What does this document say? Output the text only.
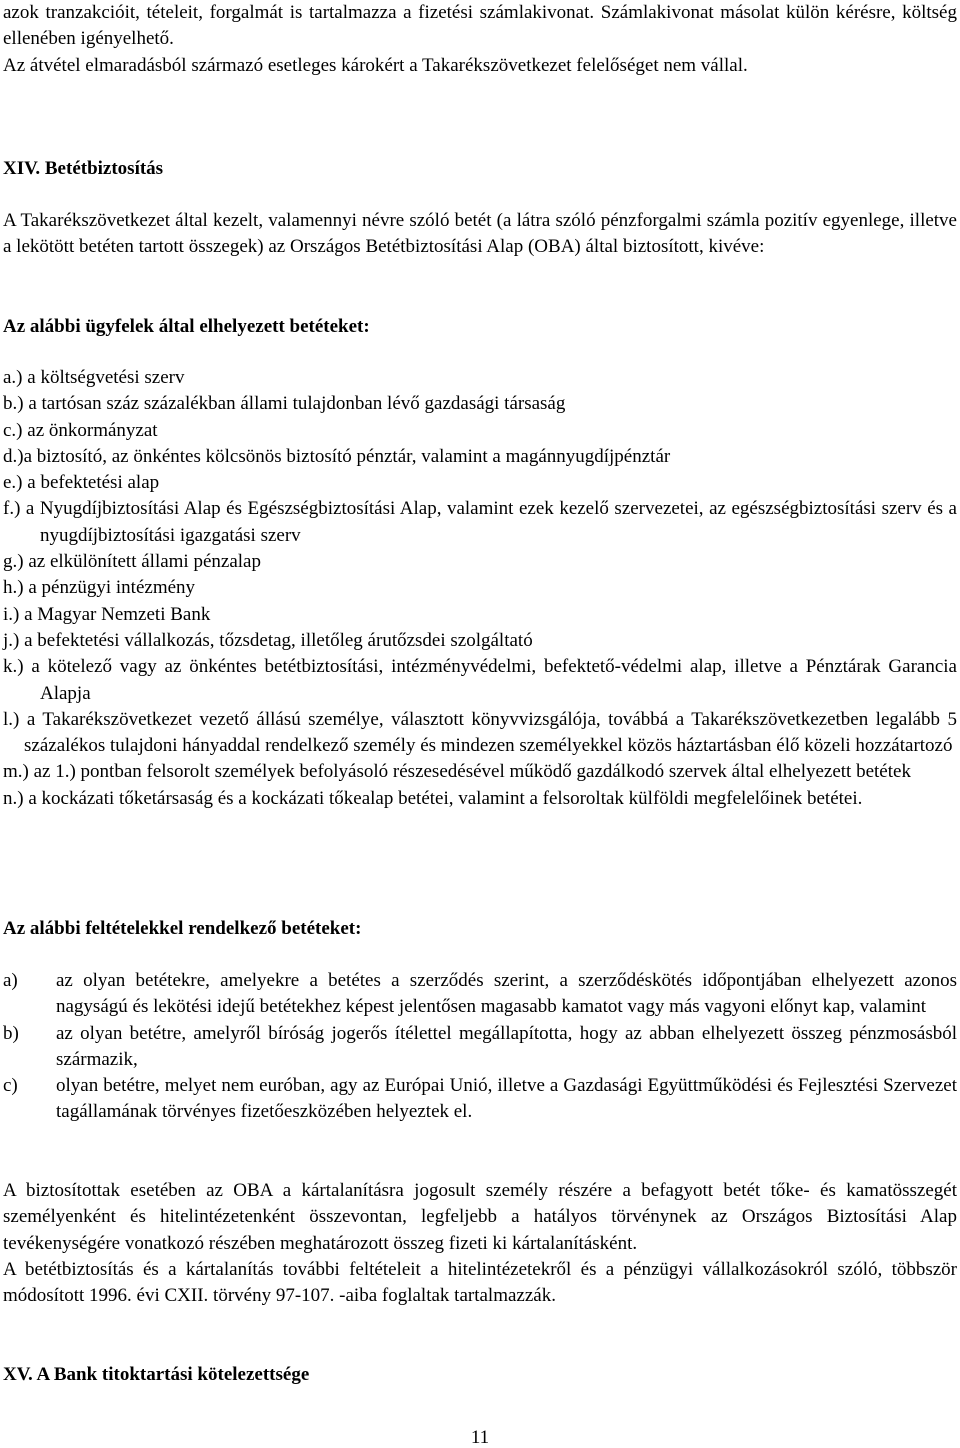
azok tranzakcióit, tételeit, forgalmát is tartalmazza a fizetési számlakivonat. Számlakivonat másolat külön kérésre, költség ellenében igényelhető.

Az átvétel elmaradásból származó esetleges károkért a Takarékszövetkezet felelőséget nem vállal.

XIV. Betétbiztosítás

A Takarékszövetkezet által kezelt, valamennyi névre szóló betét (a látra szóló pénzforgalmi számla pozitív egyenlege, illetve a lekötött betéten tartott összegek) az Országos Betétbiztosítási Alap (OBA) által biztosított, kivéve:

Az alábbi ügyfelek által elhelyezett betéteket:

a.) a költségvetési szerv

b.) a tartósan száz százalékban állami tulajdonban lévő gazdasági társaság

c.) az önkormányzat

d.)a biztosító, az önkéntes kölcsönös biztosító pénztár, valamint a magánnyugdíjpénztár

e.) a befektetési alap

f.) a Nyugdíjbiztosítási Alap és Egészségbiztosítási Alap, valamint ezek kezelő szervezetei, az egészségbiztosítási szerv és a nyugdíjbiztosítási igazgatási szerv

g.) az elkülönített állami pénzalap

h.) a pénzügyi intézmény

i.) a Magyar Nemzeti Bank

j.) a befektetési vállalkozás, tőzsdetag, illetőleg árutőzsdei szolgáltató

k.) a kötelező vagy az önkéntes betétbiztosítási, intézményvédelmi, befektető-védelmi alap, illetve a Pénztárak Garancia Alapja

l.) a Takarékszövetkezet vezető állású személye, választott könyvvizsgálója, továbbá a Takarékszövetkezetben legalább 5 százalékos tulajdoni hányaddal rendelkező személy és mindezen személyekkel közös háztartásban élő közeli hozzátartozó

m.) az 1.) pontban felsorolt személyek befolyásoló részesedésével működő gazdálkodó szervek által elhelyezett betétek

n.) a kockázati tőketársaság és a kockázati tőkealap betétei, valamint a felsoroltak külföldi megfelelőinek betétei.

Az alábbi feltételekkel rendelkező betéteket:

a)	az olyan betétekre, amelyekre a betétes a szerződés szerint, a szerződéskötés időpontjában elhelyezett azonos nagyságú és lekötési idejű betétekhez képest jelentősen magasabb kamatot vagy más vagyoni előnyt kap, valamint
b)	az olyan betétre, amelyről bíróság jogerős ítélettel megállapította, hogy az abban elhelyezett összeg pénzmosásból származik,
c)	olyan betétre, melyet nem euróban, agy az Európai Unió, illetve a Gazdasági Együttműködési és Fejlesztési Szervezet tagállamának törvényes fizetőeszközében helyeztek el.

A biztosítottak esetében az OBA a kártalanításra jogosult személy részére a befagyott betét tőke- és kamatösszegét személyenként és hitelintézetenként összevontan, legfeljebb a hatályos törvénynek az Országos Biztosítási Alap tevékenységére vonatkozó részében meghatározott összeg fizeti ki kártalanításként.

A betétbiztosítás és a kártalanítás további feltételeit a hitelintézetekről és a pénzügyi vállalkozásokról szóló, többször módosított 1996. évi CXII. törvény 97-107. -aiba foglaltak tartalmazzák.

XV. A Bank titoktartási kötelezettsége

11
